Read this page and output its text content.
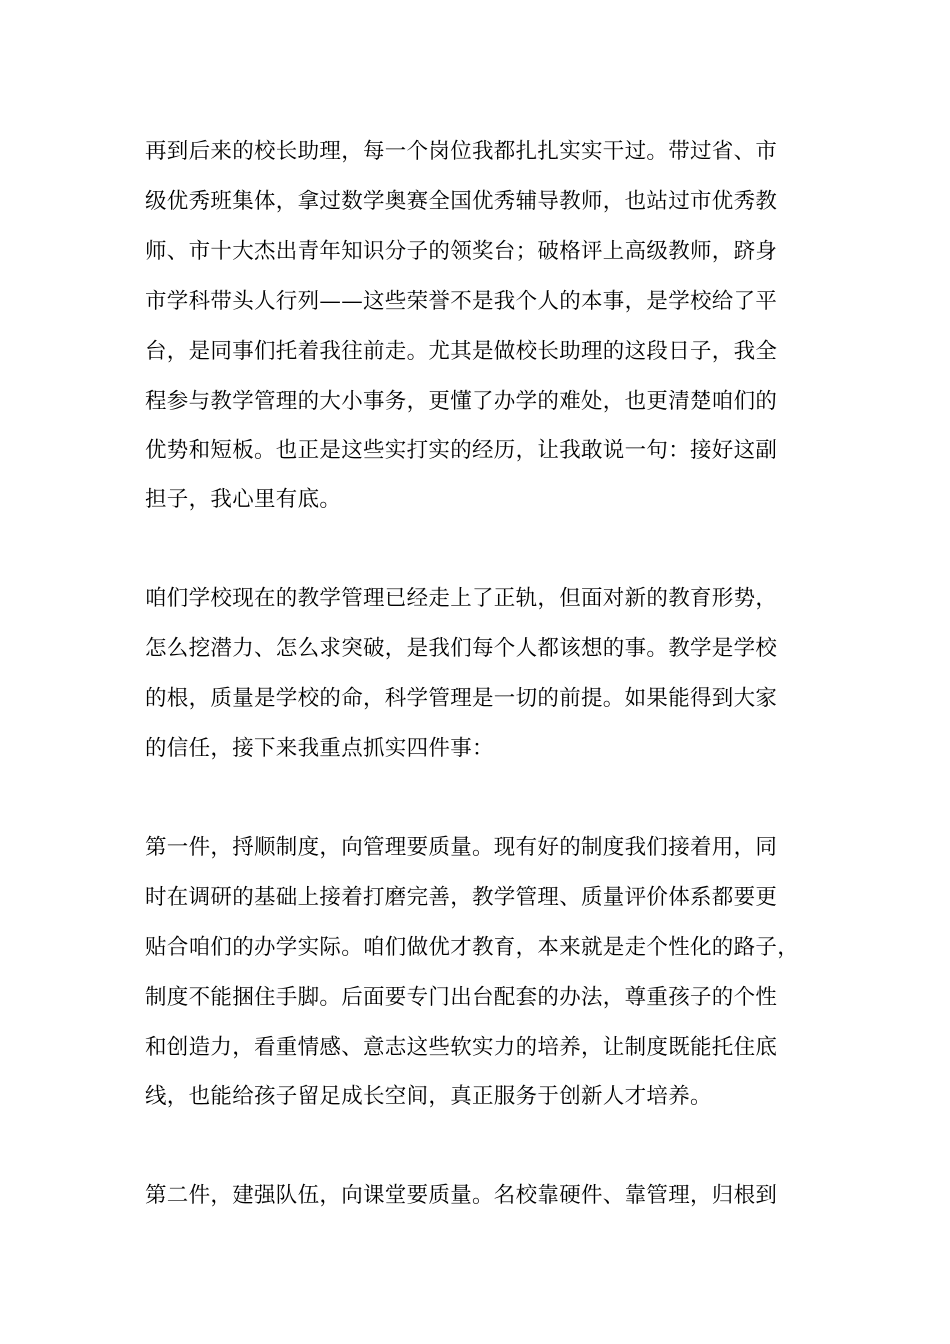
再到后来的校长助理，每一个岗位我都扎扎实实干过。带过省、市
级优秀班集体，拿过数学奥赛全国优秀辅导教师，也站过市优秀教
师、市十大杰出青年知识分子的领奖台；破格评上高级教师，跻身
市学科带头人行列——这些荣誉不是我个人的本事，是学校给了平
台，是同事们托着我往前走。尤其是做校长助理的这段日子，我全
程参与教学管理的大小事务，更懂了办学的难处，也更清楚咱们的
优势和短板。也正是这些实打实的经历，让我敢说一句：接好这副
担子，我心里有底。
咱们学校现在的教学管理已经走上了正轨，但面对新的教育形势，
怎么挖潜力、怎么求突破，是我们每个人都该想的事。教学是学校
的根，质量是学校的命，科学管理是一切的前提。如果能得到大家
的信任，接下来我重点抓实四件事：
第一件，捋顺制度，向管理要质量。现有好的制度我们接着用，同
时在调研的基础上接着打磨完善，教学管理、质量评价体系都要更
贴合咱们的办学实际。咱们做优才教育，本来就是走个性化的路子，
制度不能捆住手脚。后面要专门出台配套的办法，尊重孩子的个性
和创造力，看重情感、意志这些软实力的培养，让制度既能托住底
线，也能给孩子留足成长空间，真正服务于创新人才培养。
第二件，建强队伍，向课堂要质量。名校靠硬件、靠管理，归根到
